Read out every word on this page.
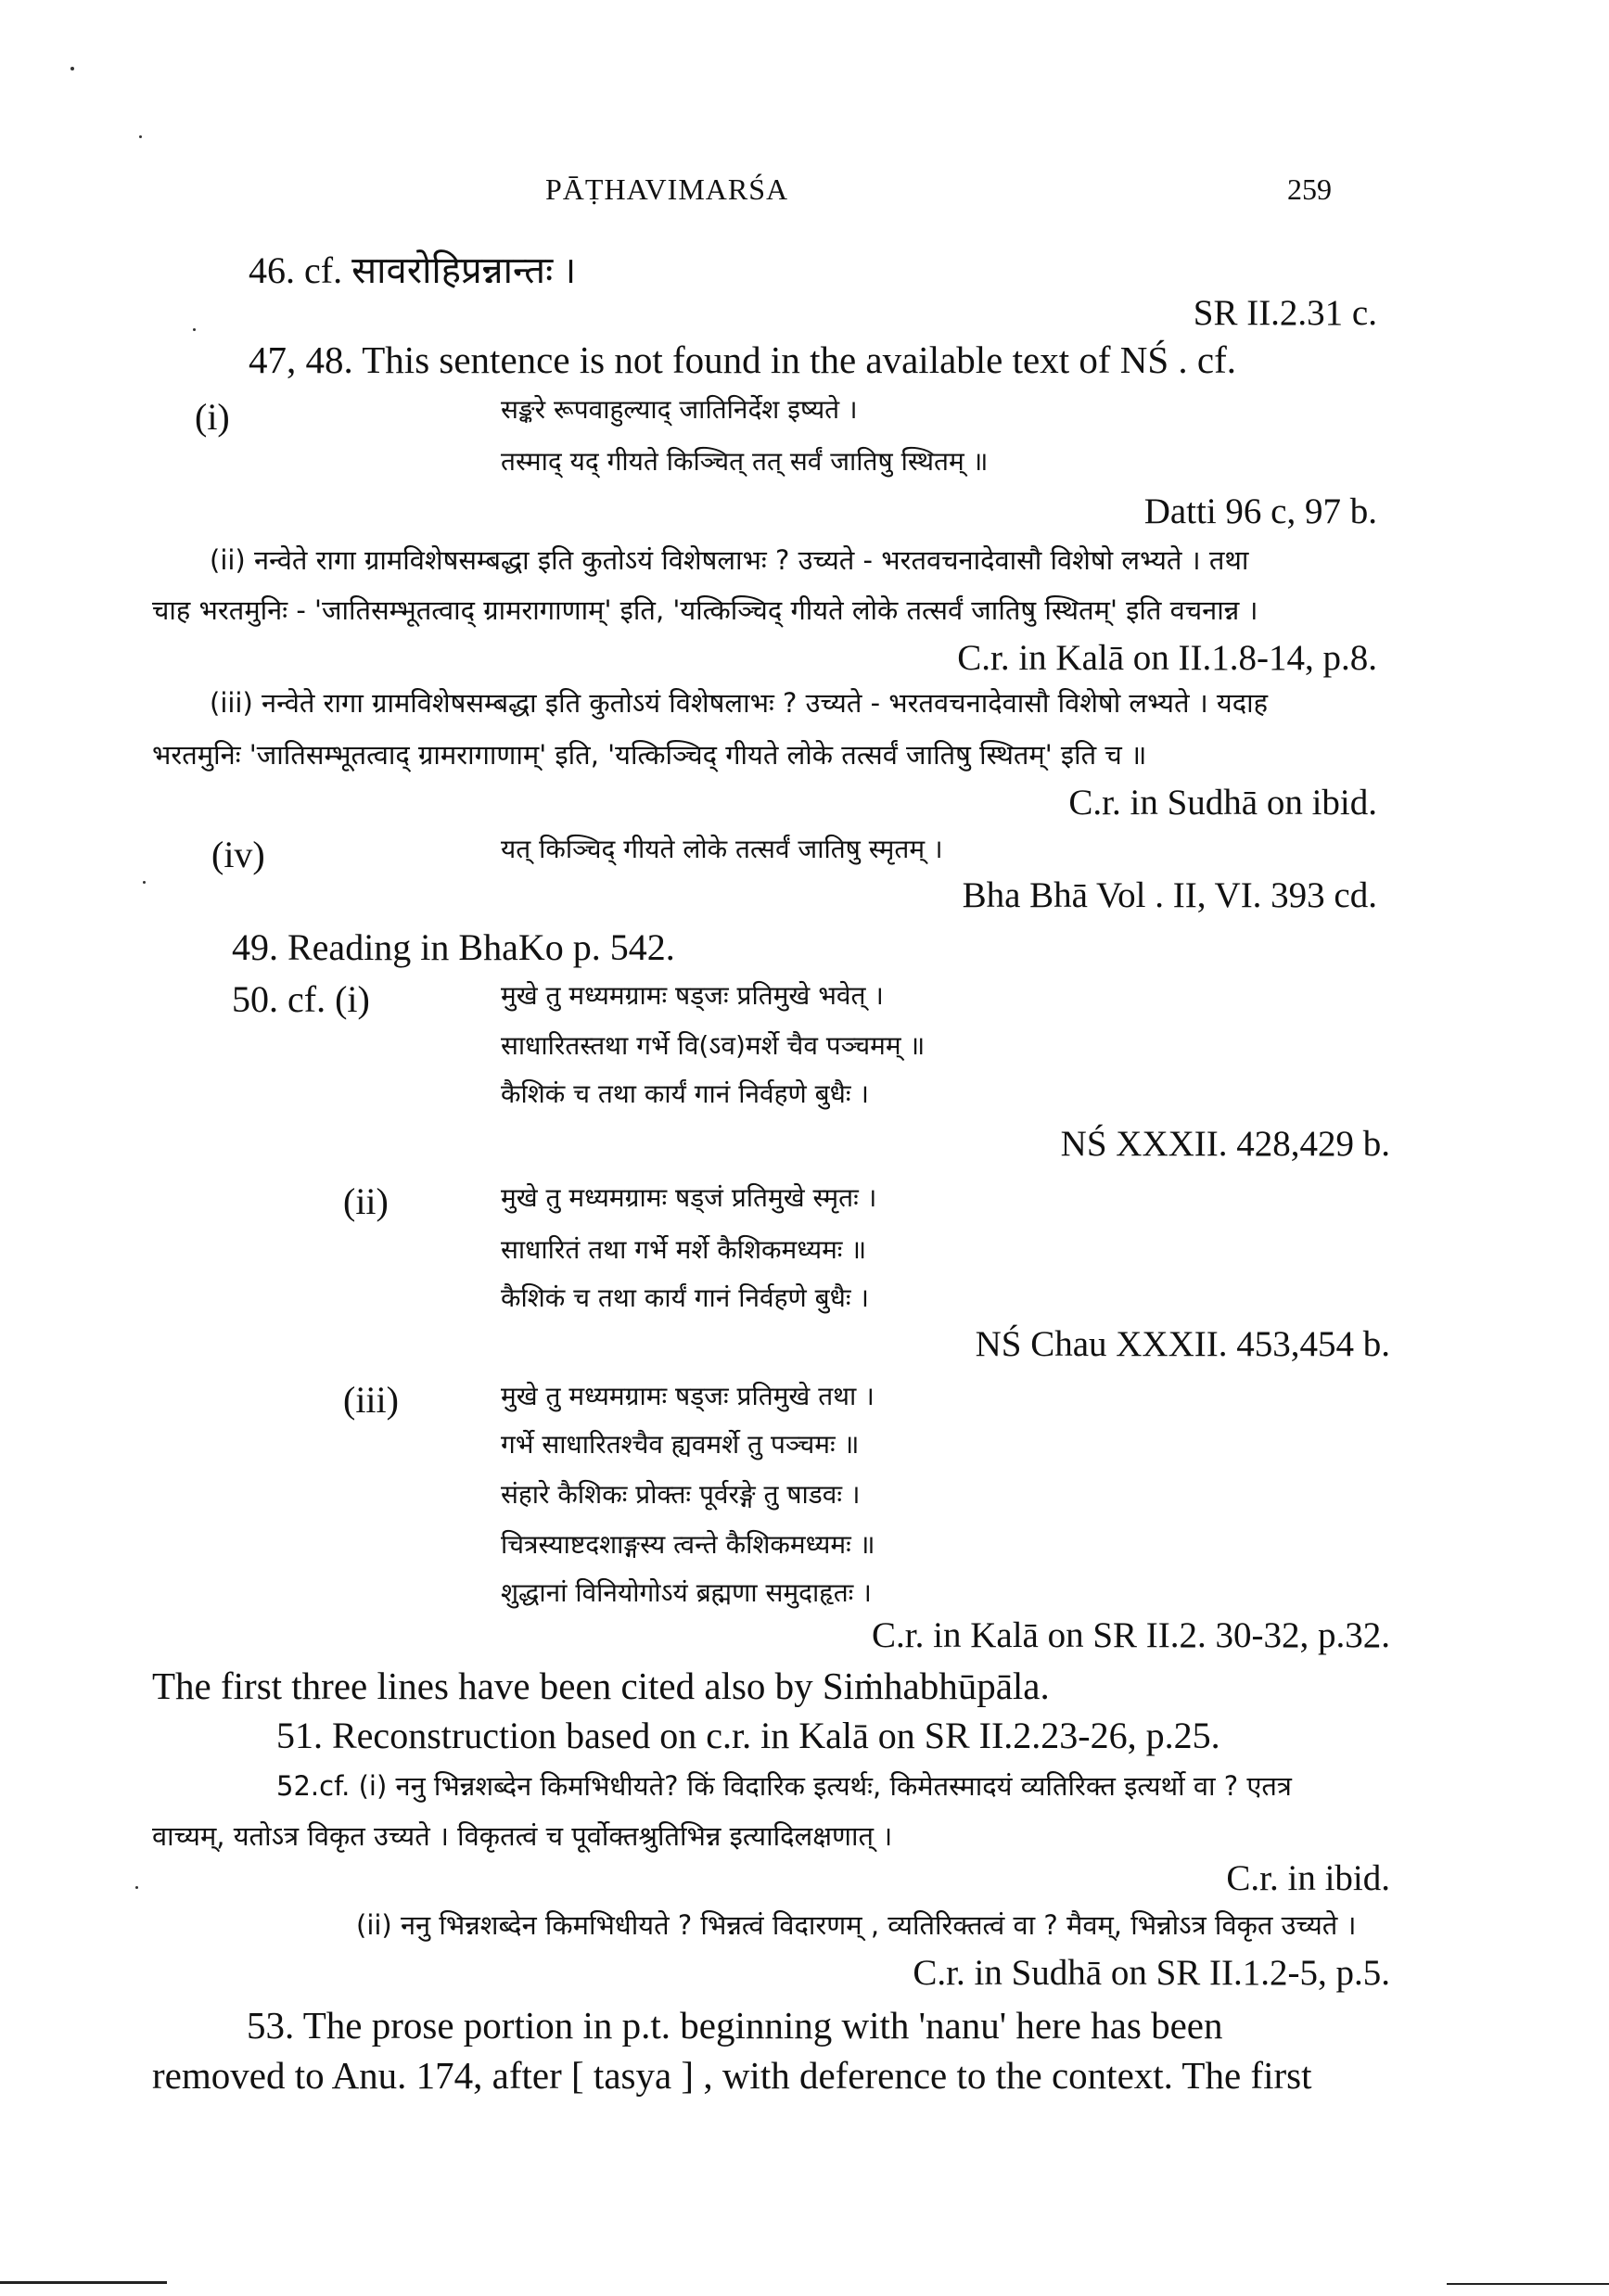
PĀṬHAVIMARŚA	259
46. cf. सावरोहिप्रन्नान्तः ।
SR II.2.31 c.
47, 48. This sentence is not found in the available text of NŚ . cf.
(i)	सङ्करे रूपवाहुल्याद् जातिनिर्देश इष्यते ।
तस्माद् यद् गीयते किञ्चित् तत् सर्वं जातिषु स्थितम् ॥
Datti 96 c, 97 b.
(ii) नन्वेते रागा ग्रामविशेषसम्बद्धा इति कुतोऽयं विशेषलाभः ? उच्यते - भरतवचनादेवासौ विशेषो लभ्यते । तथा
चाह भरतमुनिः - 'जातिसम्भूतत्वाद् ग्रामरागाणाम्' इति, 'यत्किञ्चिद् गीयते लोके तत्सर्वं जातिषु स्थितम्' इति वचनान्न ।
C.r. in Kalā on II.1.8-14, p.8.
(iii) नन्वेते रागा ग्रामविशेषसम्बद्धा इति कुतोऽयं विशेषलाभः ? उच्यते - भरतवचनादेवासौ विशेषो लभ्यते । यदाह
भरतमुनिः 'जातिसम्भूतत्वाद् ग्रामरागाणाम्' इति, 'यत्किञ्चिद् गीयते लोके तत्सर्वं जातिषु स्थितम्' इति च ॥
C.r. in Sudhā on ibid.
(iv)	यत् किञ्चिद् गीयते लोके तत्सर्वं जातिषु स्मृतम् ।
Bha Bhā Vol . II, VI. 393 cd.
49. Reading in BhaKo p. 542.
50. cf. (i)	मुखे तु मध्यमग्रामः षड्जः प्रतिमुखे भवेत् ।
साधारितस्तथा गर्भे वि(ऽव)मर्शे चैव पञ्चमम् ॥
कैशिकं च तथा कार्यं गानं निर्वहणे बुधैः ।
NŚ XXXII. 428,429 b.
(ii)	मुखे तु मध्यमग्रामः षड्जं प्रतिमुखे स्मृतः ।
साधारितं तथा गर्भे मर्शे कैशिकमध्यमः ॥
कैशिकं च तथा कार्यं गानं निर्वहणे बुधैः ।
NŚ Chau XXXII. 453,454 b.
(iii)	मुखे तु मध्यमग्रामः षड्जः प्रतिमुखे तथा ।
गर्भे साधारितश्चैव ह्यवमर्शे तु पञ्चमः ॥
संहारे कैशिकः प्रोक्तः पूर्वरङ्गे तु षाडवः ।
चित्रस्याष्टदशाङ्गस्य त्वन्ते कैशिकमध्यमः ॥
शुद्धानां विनियोगोऽयं ब्रह्मणा समुदाहृतः ।
C.r. in Kalā on SR II.2. 30-32, p.32.
The first three lines have been cited also by Siṁhabhūpāla.
51. Reconstruction based on c.r. in Kalā on SR II.2.23-26, p.25.
52.cf. (i) ननु भिन्नशब्देन किमभिधीयते? किं विदारिक इत्यर्थः, किमेतस्मादयं व्यतिरिक्त इत्यर्थो वा ? एतत्र
वाच्यम्, यतोऽत्र विकृत उच्यते । विकृतत्वं च पूर्वोक्तश्रुतिभिन्न इत्यादिलक्षणात् ।
C.r. in ibid.
(ii) ननु भिन्नशब्देन किमभिधीयते ? भिन्नत्वं विदारणम् , व्यतिरिक्तत्वं वा ? मैवम्, भिन्नोऽत्र विकृत उच्यते ।
C.r. in Sudhā on SR II.1.2-5, p.5.
53. The prose portion in p.t. beginning with 'nanu' here has been
removed to Anu. 174, after [ tasya ] , with deference to the context. The first
